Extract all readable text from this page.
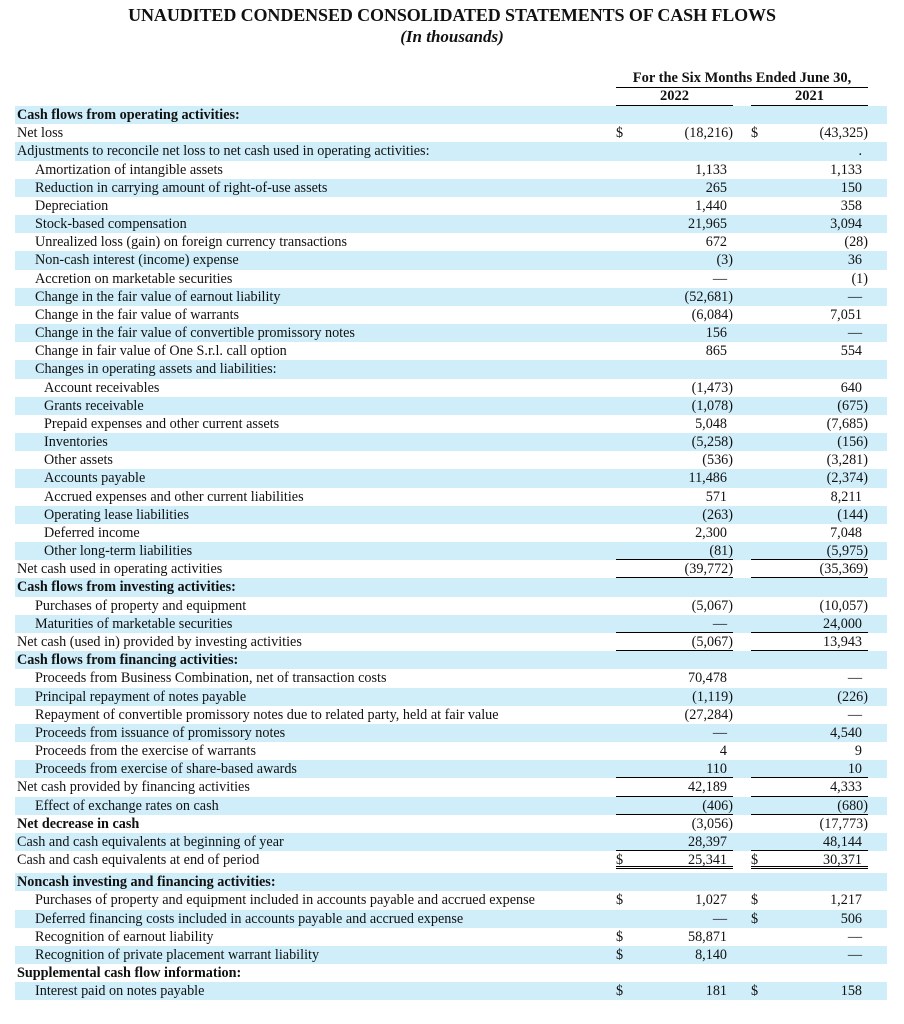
UNAUDITED CONDENSED CONSOLIDATED STATEMENTS OF CASH FLOWS
(In thousands)
For the Six Months Ended June 30,
2022	2021
Cash flows from operating activities:
Net loss	$	(18,216) $	(43,325)
Adjustments to reconcile net loss to net cash used in operating activities:	.
Amortization of intangible assets	1,133	1,133
Reduction in carrying amount of right-of-use assets	265	150
Depreciation	1,440	358
Stock-based compensation	21,965	3,094
Unrealized loss (gain) on foreign currency transactions	672	(28)
Non-cash interest (income) expense	(3)	36
Accretion on marketable securities	—	(1)
Change in the fair value of earnout liability	(52,681)	—
Change in the fair value of warrants	(6,084)	7,051
Change in the fair value of convertible promissory notes	156	—
Change in fair value of One S.r.l. call option	865	554
Changes in operating assets and liabilities:
Account receivables	(1,473)	640
Grants receivable	(1,078)	(675)
Prepaid expenses and other current assets	5,048	(7,685)
Inventories	(5,258)	(156)
Other assets	(536)	(3,281)
Accounts payable	11,486	(2,374)
Accrued expenses and other current liabilities	571	8,211
Operating lease liabilities	(263)	(144)
Deferred income	2,300	7,048
Other long-term liabilities	(81)	(5,975)
Net cash used in operating activities	(39,772)	(35,369)
Cash flows from investing activities:
Purchases of property and equipment	(5,067)	(10,057)
Maturities of marketable securities	—	24,000
Net cash (used in) provided by investing activities	(5,067)	13,943
Cash flows from financing activities:
Proceeds from Business Combination, net of transaction costs	70,478	—
Principal repayment of notes payable	(1,119)	(226)
Repayment of convertible promissory notes due to related party, held at fair value	(27,284)	—
Proceeds from issuance of promissory notes	—	4,540
Proceeds from the exercise of warrants	4	9
Proceeds from exercise of share-based awards	110	10
Net cash provided by financing activities	42,189	4,333
Effect of exchange rates on cash	(406)	(680)
Net decrease in cash	(3,056)	(17,773)
Cash and cash equivalents at beginning of year	28,397	48,144
Cash and cash equivalents at end of period	$	25,341 $	30,371
Noncash investing and financing activities:
Purchases of property and equipment included in accounts payable and accrued expense	$	1,027 $	1,217
Deferred financing costs included in accounts payable and accrued expense	— $	506
Recognition of earnout liability	$	58,871	—
Recognition of private placement warrant liability	$	8,140	—
Supplemental cash flow information:
Interest paid on notes payable	$	181 $	158
